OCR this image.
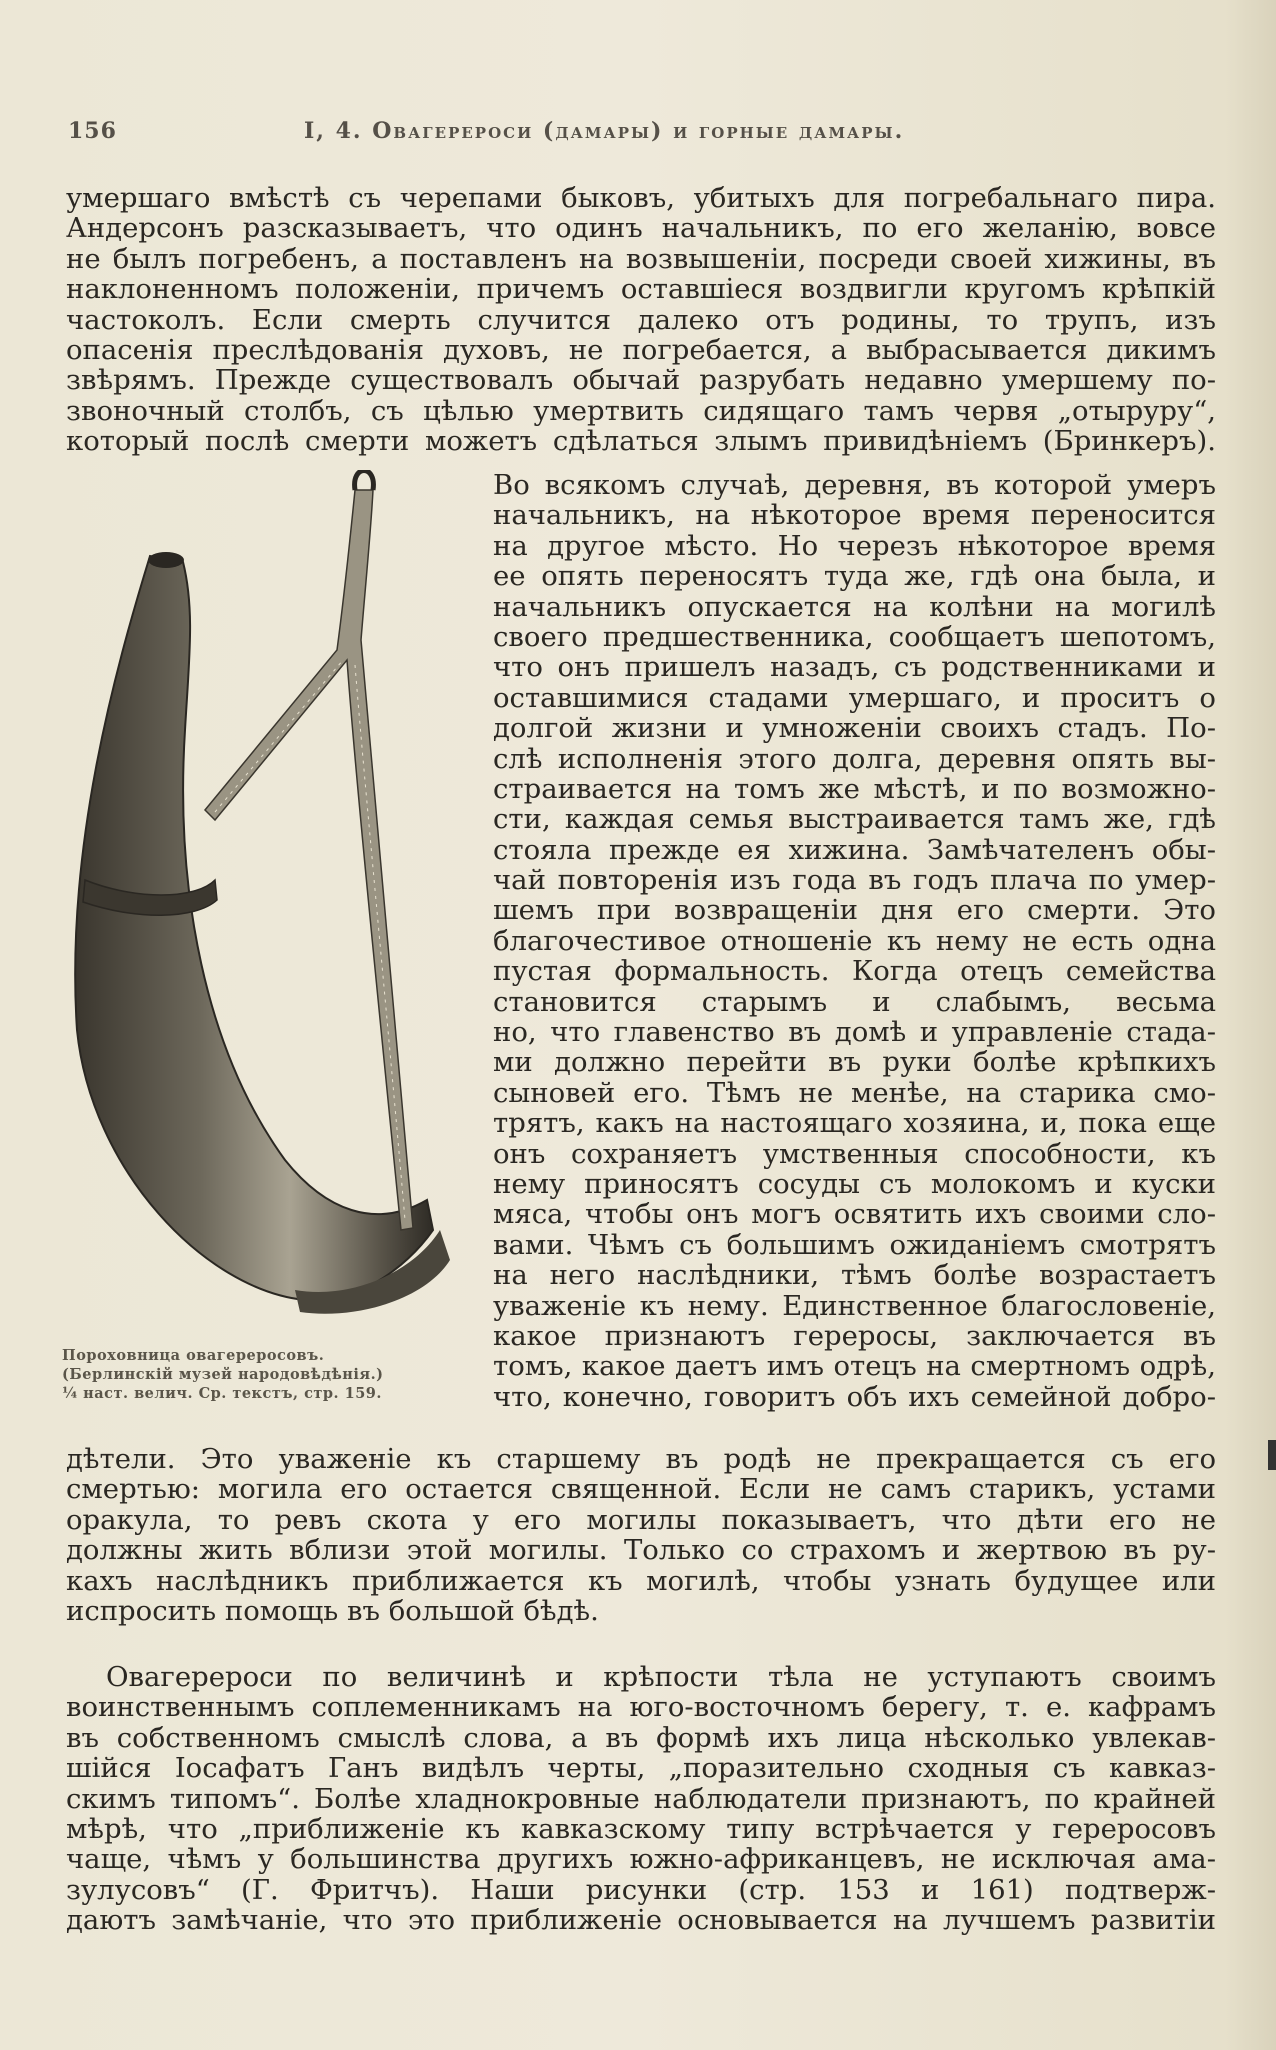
156	I, 4. Овагерероси (дамары) и горные дамары.
умершаго вмѣстѣ съ черепами быковъ, убитыхъ для погребальнаго пира.
Андерсонъ разсказываетъ, что одинъ начальникъ, по его желанію, вовсе
не былъ погребенъ, а поставленъ на возвышеніи, посреди своей хижины, въ
наклоненномъ положеніи, причемъ оставшіеся воздвигли кругомъ крѣпкій
частоколъ. Если смерть случится далеко отъ родины, то трупъ, изъ
опасенія преслѣдованія духовъ, не погребается, а выбрасывается дикимъ
звѣрямъ. Прежде существовалъ обычай разрубать недавно умершему по-
звоночный столбъ, съ цѣлью умертвить сидящаго тамъ червя „отыруру“,
который послѣ смерти можетъ сдѣлаться злымъ привидѣніемъ (Бринкеръ).
Пороховница овагереросовъ.
(Берлинскій музей народовѣдѣнія.)
¼ наст. велич. Ср. текстъ, стр. 159.
Во всякомъ случаѣ, деревня, въ которой умеръ
начальникъ, на нѣкоторое время переносится
на другое мѣсто. Но черезъ нѣкоторое время
ее опять переносятъ туда же, гдѣ она была, и
начальникъ опускается на колѣни на могилѣ
своего предшественника, сообщаетъ шепотомъ,
что онъ пришелъ назадъ, съ родственниками и
оставшимися стадами умершаго, и проситъ о
долгой жизни и умноженіи своихъ стадъ. По-
слѣ исполненія этого долга, деревня опять вы-
страивается на томъ же мѣстѣ, и по возможно-
сти, каждая семья выстраивается тамъ же, гдѣ
стояла прежде ея хижина. Замѣчателенъ обы-
чай повторенія изъ года въ годъ плача по умер-
шемъ при возвращеніи дня его смерти. Это
благочестивое отношеніе къ нему не есть одна
пустая формальность. Когда отецъ семейства
становится старымъ и слабымъ, весьма
но, что главенство въ домѣ и управленіе стада-
ми должно перейти въ руки болѣе крѣпкихъ
сыновей его. Тѣмъ не менѣе, на старика смо-
трятъ, какъ на настоящаго хозяина, и, пока еще
онъ сохраняетъ умственныя способности, къ
нему приносятъ сосуды съ молокомъ и куски
мяса, чтобы онъ могъ освятить ихъ своими сло-
вами. Чѣмъ съ большимъ ожиданіемъ смотрятъ
на него наслѣдники, тѣмъ болѣе возрастаетъ
уваженіе къ нему. Единственное благословеніе,
какое признаютъ гереросы, заключается въ
томъ, какое даетъ имъ отецъ на смертномъ одрѣ,
что, конечно, говоритъ объ ихъ семейной добро-
дѣтели. Это уваженіе къ старшему въ родѣ не прекращается съ его
смертью: могила его остается священной. Если не самъ старикъ, устами
оракула, то ревъ скота у его могилы показываетъ, что дѣти его не
должны жить вблизи этой могилы. Только со страхомъ и жертвою въ ру-
кахъ наслѣдникъ приближается къ могилѣ, чтобы узнать будущее или
испросить помощь въ большой бѣдѣ.
Овагерероси по величинѣ и крѣпости тѣла не уступаютъ своимъ
воинственнымъ соплеменникамъ на юго-восточномъ берегу, т. е. кафрамъ
въ собственномъ смыслѣ слова, а въ формѣ ихъ лица нѣсколько увлекав-
шійся Іосафатъ Ганъ видѣлъ черты, „поразительно сходныя съ кавказ-
скимъ типомъ“. Болѣе хладнокровные наблюдатели признаютъ, по крайней
мѣрѣ, что „приближеніе къ кавказскому типу встрѣчается у гереросовъ
чаще, чѣмъ у большинства другихъ южно-африканцевъ, не исключая ама-
зулусовъ“ (Г. Фритчъ). Наши рисунки (стр. 153 и 161) подтверж-
даютъ замѣчаніе, что это приближеніе основывается на лучшемъ развитіи
